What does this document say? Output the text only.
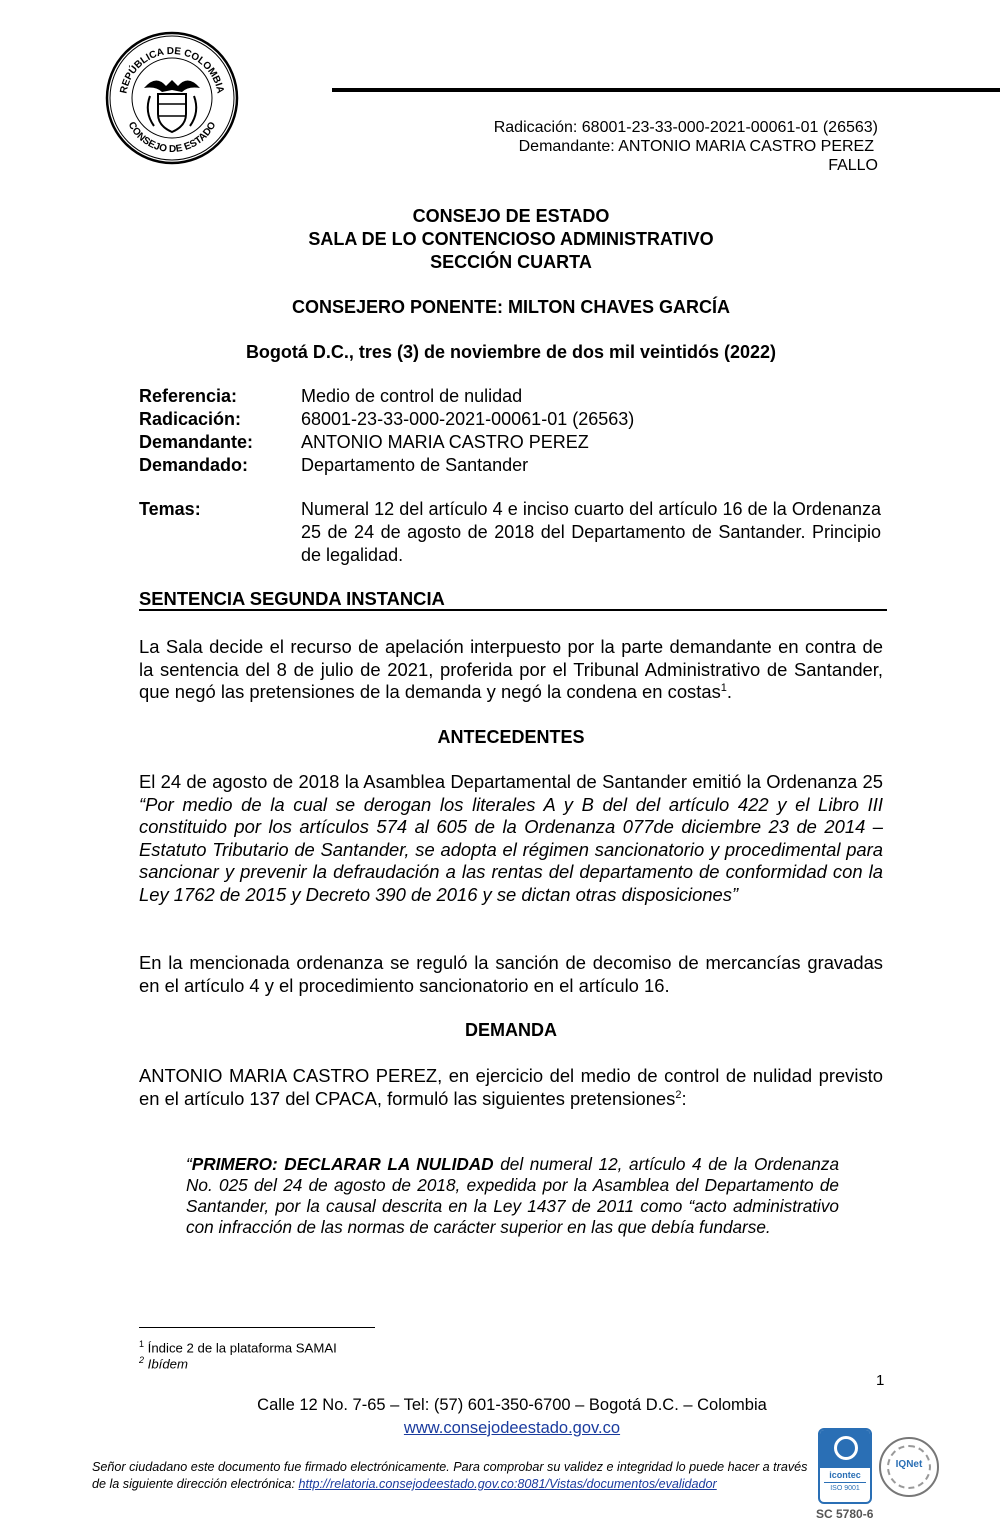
REPÚBLICA DE COLOMBIA
CONSEJO DE ESTADO	Radicación: 68001-23-33-000-2021-00061-01 (26563)
Demandante: ANTONIO MARIA CASTRO PEREZ
FALLO
CONSEJO DE ESTADO
SALA DE LO CONTENCIOSO ADMINISTRATIVO
SECCIÓN CUARTA
CONSEJERO PONENTE: MILTON CHAVES GARCÍA
Bogotá D.C., tres (3) de noviembre de dos mil veintidós (2022)
Referencia:	Medio de control de nulidad
Radicación:	68001-23-33-000-2021-00061-01 (26563)
Demandante:	ANTONIO MARIA CASTRO PEREZ
Demandado:	Departamento de Santander
Temas:	Numeral 12 del artículo 4 e inciso cuarto del artículo 16 de la Ordenanza 25 de 24 de agosto de 2018 del Departamento de Santander. Principio de legalidad.
SENTENCIA SEGUNDA INSTANCIA
La Sala decide el recurso de apelación interpuesto por la parte demandante en contra de la sentencia del 8 de julio de 2021, proferida por el Tribunal Administrativo de Santander, que negó las pretensiones de la demanda y negó la condena en costas$^1$.
ANTECEDENTES
El 24 de agosto de 2018 la Asamblea Departamental de Santander emitió la Ordenanza 25 “Por medio de la cual se derogan los literales A y B del del artículo 422 y el Libro III constituido por los artículos 574 al 605 de la Ordenanza 077de diciembre 23 de 2014 – Estatuto Tributario de Santander, se adopta el régimen sancionatorio y procedimental para sancionar y prevenir la defraudación a las rentas del departamento de conformidad con la Ley 1762 de 2015 y Decreto 390 de 2016 y se dictan otras disposiciones”
En la mencionada ordenanza se reguló la sanción de decomiso de mercancías gravadas en el artículo 4 y el procedimiento sancionatorio en el artículo 16.
DEMANDA
ANTONIO MARIA CASTRO PEREZ, en ejercicio del medio de control de nulidad previsto en el artículo 137 del CPACA, formuló las siguientes pretensiones$^2$:
“PRIMERO: DECLARAR LA NULIDAD del numeral 12, artículo 4 de la Ordenanza No. 025 del 24 de agosto de 2018, expedida por la Asamblea del Departamento de Santander, por la causal descrita en la Ley 1437 de 2011 como “acto administrativo con infracción de las normas de carácter superior en las que debía fundarse.
$^1$ Índice 2 de la plataforma SAMAI
$^2$ Ibídem
1
Calle 12 No. 7-65 – Tel: (57) 601-350-6700 – Bogotá D.C. – Colombia
www.consejodeestado.gov.co
Señor ciudadano este documento fue firmado electrónicamente. Para comprobar su validez e integridad lo puede hacer a través de la siguiente dirección electrónica: http://relatoria.consejodeestado.gov.co:8081/Vistas/documentos/evalidador
icontec
ISO 9001
IQNet
SC 5780-6
